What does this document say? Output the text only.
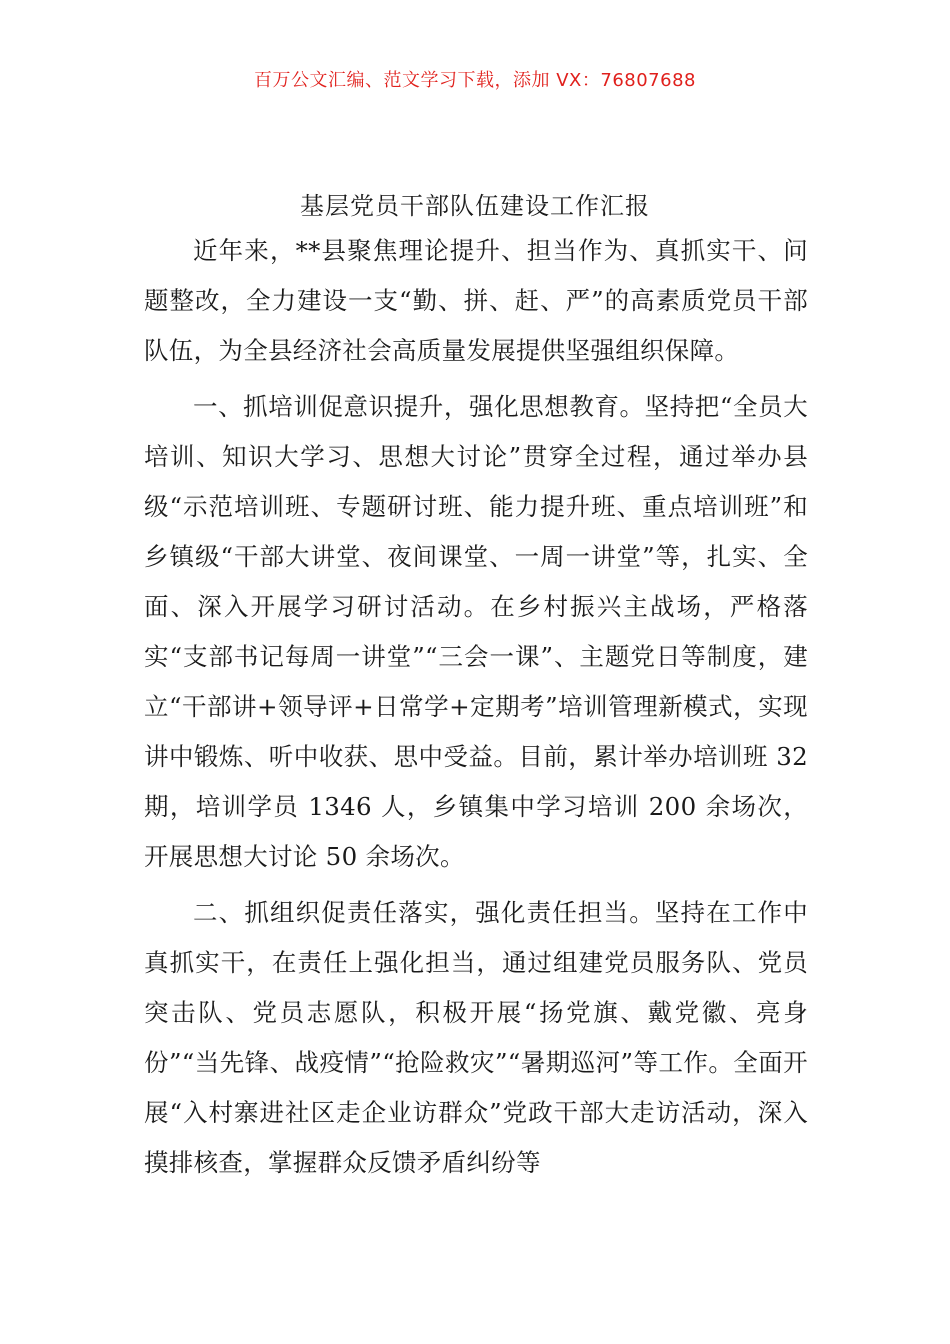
百万公文汇编、范文学习下载，添加 VX：76807688
基层党员干部队伍建设工作汇报

近年来，**县聚焦理论提升、担当作为、真抓实干、问题整改，全力建设一支“勤、拼、赶、严”的高素质党员干部队伍，为全县经济社会高质量发展提供坚强组织保障。

一、抓培训促意识提升，强化思想教育。坚持把“全员大培训、知识大学习、思想大讨论”贯穿全过程，通过举办县级“示范培训班、专题研讨班、能力提升班、重点培训班”和乡镇级“干部大讲堂、夜间课堂、一周一讲堂”等，扎实、全面、深入开展学习研讨活动。在乡村振兴主战场，严格落实“支部书记每周一讲堂”“三会一课”、主题党日等制度，建立“干部讲+领导评+日常学+定期考”培训管理新模式，实现讲中锻炼、听中收获、思中受益。目前，累计举办培训班 32 期，培训学员 1346 人，乡镇集中学习培训 200 余场次，开展思想大讨论 50 余场次。

二、抓组织促责任落实，强化责任担当。坚持在工作中真抓实干，在责任上强化担当，通过组建党员服务队、党员突击队、党员志愿队，积极开展“扬党旗、戴党徽、亮身份”“当先锋、战疫情”“抢险救灾”“暑期巡河”等工作。全面开展“入村寨进社区走企业访群众”党政干部大走访活动，深入摸排核查，掌握群众反馈矛盾纠纷等
